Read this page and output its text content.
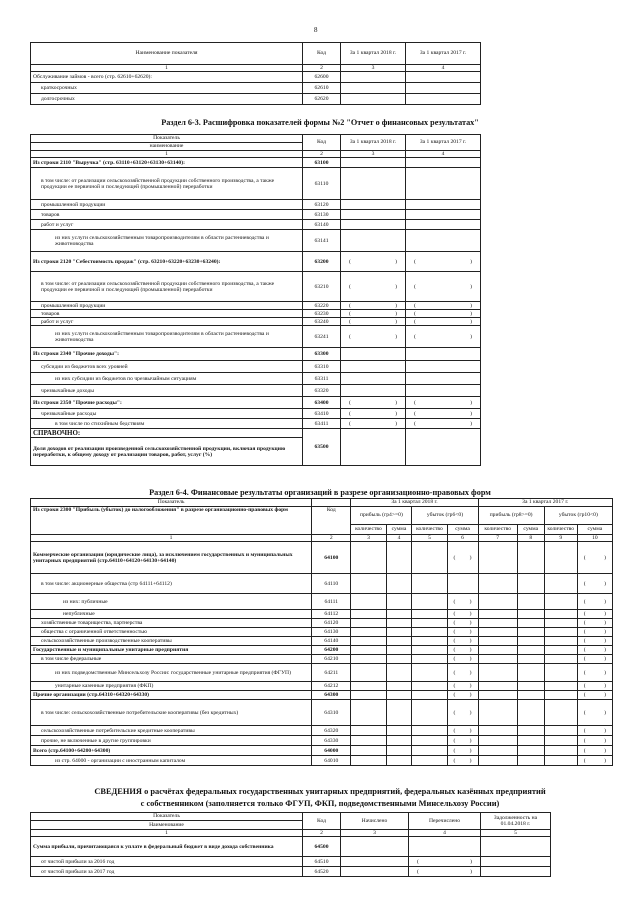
8
Наименование показателя	Код	За 1 квартал 2018 г.	За 1 квартал 2017 г.	
1	2	3	4	
Обслуживание займов - всего (стр. 62610+62620):	62600			
краткосрочных	62610			
долгосрочных	62620			
Раздел 6-3. Расшифровка показателей формы №2 "Отчет о финансовых результатах"
Показатель	Код	За 1 квартал 2018 г.	За 1 квартал 2017 г.
наименование			
1	2	3	4
Из строки 2110 "Выручка" (стр. 63110+63120+63130+63140):	63100		
в том числе: от реализации сельскохозяйственной продукции собственного производства, а также продукции ее первичной и последующей (промышленной) переработки	63110		
промышленной продукции	63120		
товаров	63130		
работ и услуг	63140		
из них услуги сельскохозяйственным товаропроизводителям в области растениеводства и животноводства	63141		
Из строки 2120 "Себестоимость продаж" (стр. 63210+63220+63230+63240):	63200	( )	( )

в том числе: от реализации сельскохозяйственной продукции собственного производства, а также продукции ее первичной и последующей (промышленной) переработки	63210	( )	( )

промышленной продукции	63220	( )	( )

товаров	63230	( )	( )

работ и услуг	63240	( )	( )

из них услуги сельскохозяйственным товаропроизводителям в области растениеводства и животноводства	63241	( )	( )

Из строки 2340 "Прочие доходы":	63300		
субсидии из бюджетов всех уровней	63310		
из них субсидии из бюджетов по чрезвычайным ситуациям	63311		
чрезвычайные доходы	63320		
Из строки 2350 "Прочие расходы":	63400	( )	( )

чрезвычайные расходы	63410	( )	( )

в том числе по стихийным бедствиям	63411	( )	( )

СПРАВОЧНО:	63500		
Доля доходов от реализации произведенной сельскохозяйственной продукции, включая продукцию переработки, к общему доходу от реализации товаров, работ, услуг (%)			
Раздел 6-4. Финансовые результаты организаций в разрезе организационно-правовых форм
Показатель		За 1 квартал 2018 г.				За 1 квартал 2017 г.			
Из строки 2300 "Прибыль (убыток) до налогообложения" в разрезе организационно-правовых форм	Код	прибыль (гр4>=0)		убыток (гр6<0)		прибыль (гр8>=0)		убыток (гр10<0)	
		количество	сумма	количество	сумма	количество	сумма	количество	сумма
1	2	3	4	5	6	7	8	9	10
Коммерческие организации (юридические лица), за исключением государственных и муниципальных унитарных предприятий (стр.64110+64120+64130+64140)	64100				( )				( )

в том числе: акционерные общества (стр 64111+64112)	64110								( )

из них: публичные	64111				( )				( )

непубличные	64112				( )				( )

хозяйственные товарищества, партнерства	64120				( )				( )

общества с ограниченной ответственностью	64130				( )				( )

сельскохозяйственные производственные кооперативы	64140				( )				( )

Государственные и муниципальные унитарные предприятия	64200				( )				( )

в том числе федеральные	64210				( )				( )

из них подведомственные Минсельхозу России: государственные унитарные предприятия (ФГУП)	64211				( )				( )

унитарные казенные предприятия (ФКП)	64212				( )				( )

Прочие организации (стр.64310+64320+64330)	64300				( )				( )

в том числе: сельскохозяйственные потребительские кооперативы (без кредитных)	64310				( )				( )

сельскохозяйственные потребительские кредитные кооперативы	64320				( )				( )

прочие, не включенные в другие группировки	64330				( )				( )

Всего (стр.64100+64200+64300)	64000				( )				( )

из стр. 64000 - организации с иностранным капиталом	64010				( )				( )
СВЕДЕНИЯ о расчётах федеральных государственных унитарных предприятий, федеральных казённых предприятий
с собственником (заполняется только ФГУП, ФКП, подведомственными Минсельхозу России)
Показатель	Код	Начислено	Перечислено	Задолженность на 01.04.2018 г.
Наименование				
1	2	3	4	5
Сумма прибыли, причитающаяся к уплате в федеральный бюджет в виде дохода собственника	64500			
от чистой прибыли за 2016 год	64510		( )	

от чистой прибыли за 2017 год	64520		( )	
